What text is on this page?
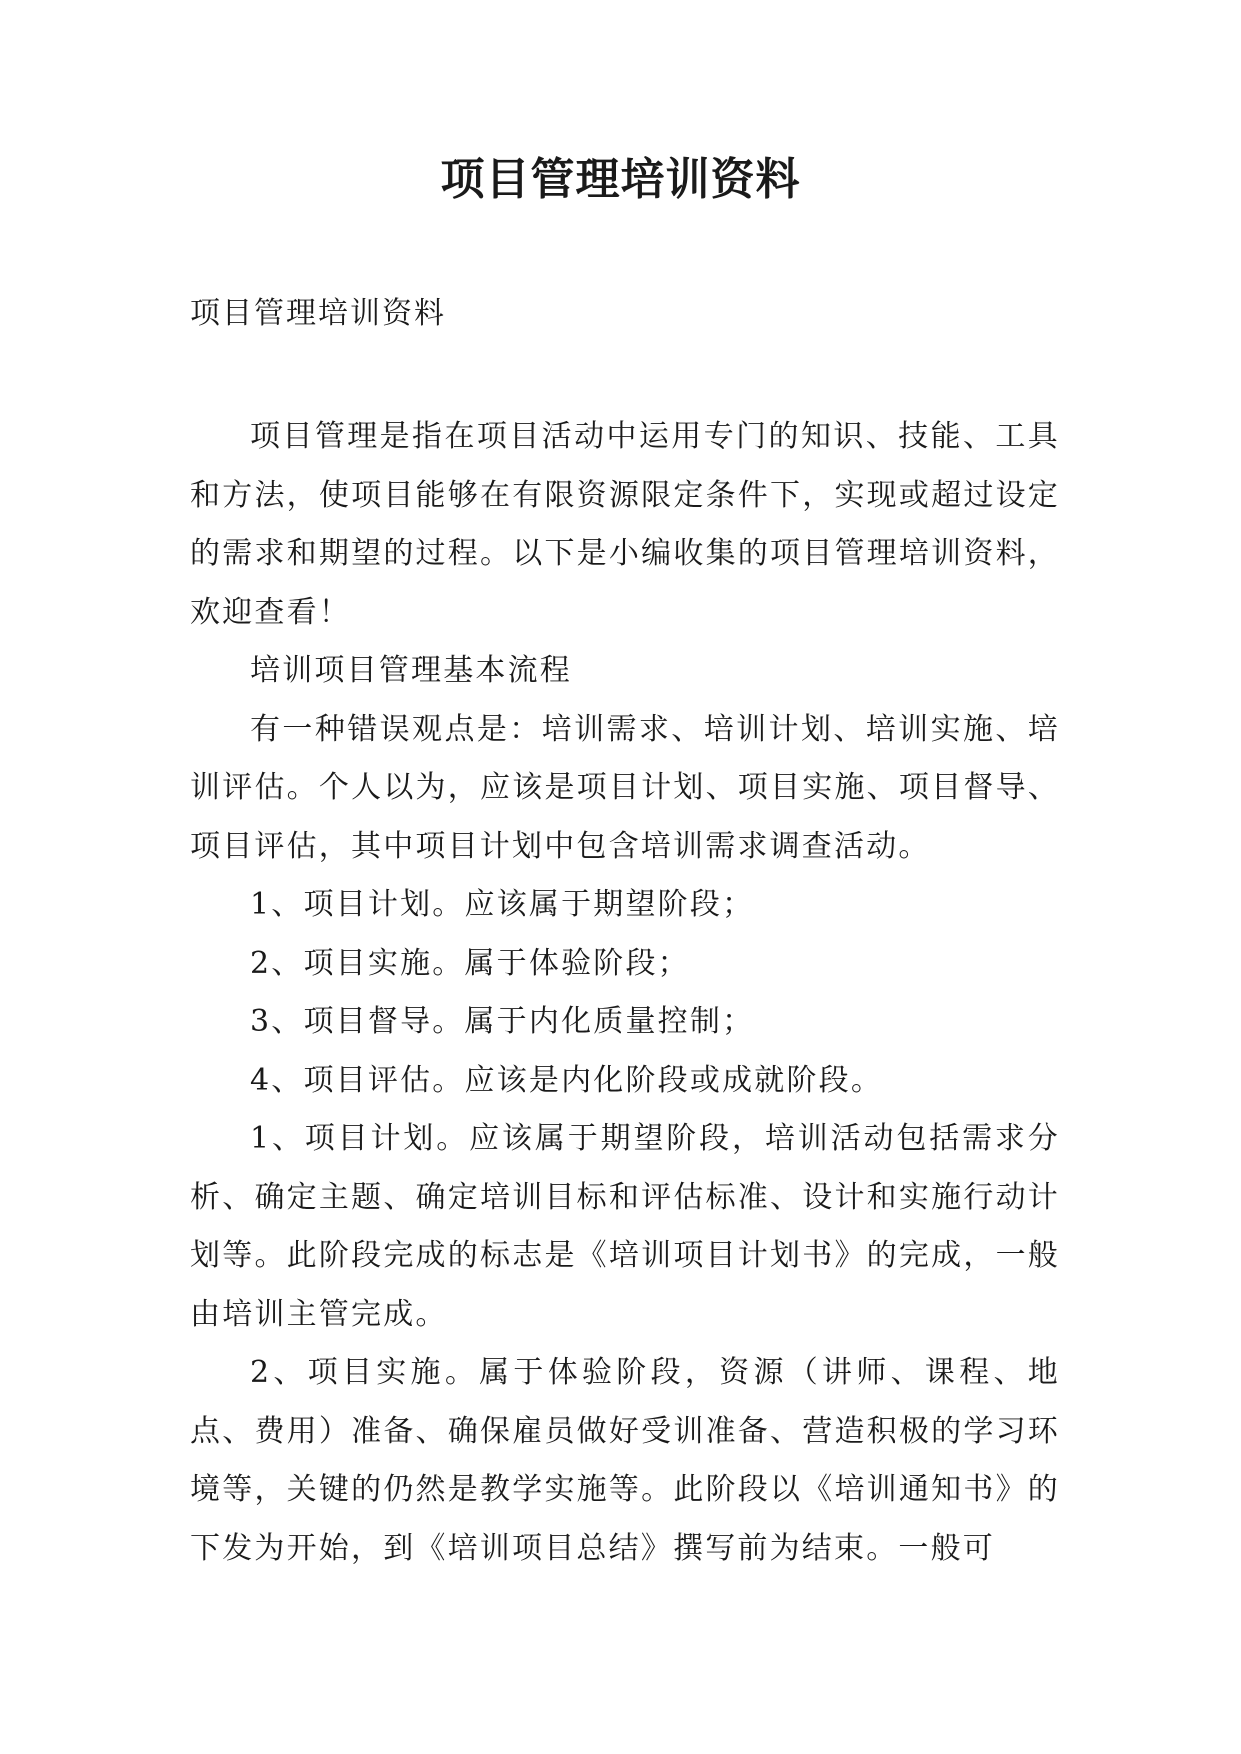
项目管理培训资料

项目管理培训资料

项目管理是指在项目活动中运用专门的知识、技能、工具和方法，使项目能够在有限资源限定条件下，实现或超过设定的需求和期望的过程。以下是小编收集的项目管理培训资料，欢迎查看！

培训项目管理基本流程

有一种错误观点是：培训需求、培训计划、培训实施、培训评估。个人以为，应该是项目计划、项目实施、项目督导、项目评估，其中项目计划中包含培训需求调查活动。

1、项目计划。应该属于期望阶段；

2、项目实施。属于体验阶段；

3、项目督导。属于内化质量控制；

4、项目评估。应该是内化阶段或成就阶段。

1、项目计划。应该属于期望阶段，培训活动包括需求分析、确定主题、确定培训目标和评估标准、设计和实施行动计划等。此阶段完成的标志是《培训项目计划书》的完成，一般由培训主管完成。

2、项目实施。属于体验阶段，资源（讲师、课程、地点、费用）准备、确保雇员做好受训准备、营造积极的学习环境等，关键的仍然是教学实施等。此阶段以《培训通知书》的下发为开始，到《培训项目总结》撰写前为结束。一般可
